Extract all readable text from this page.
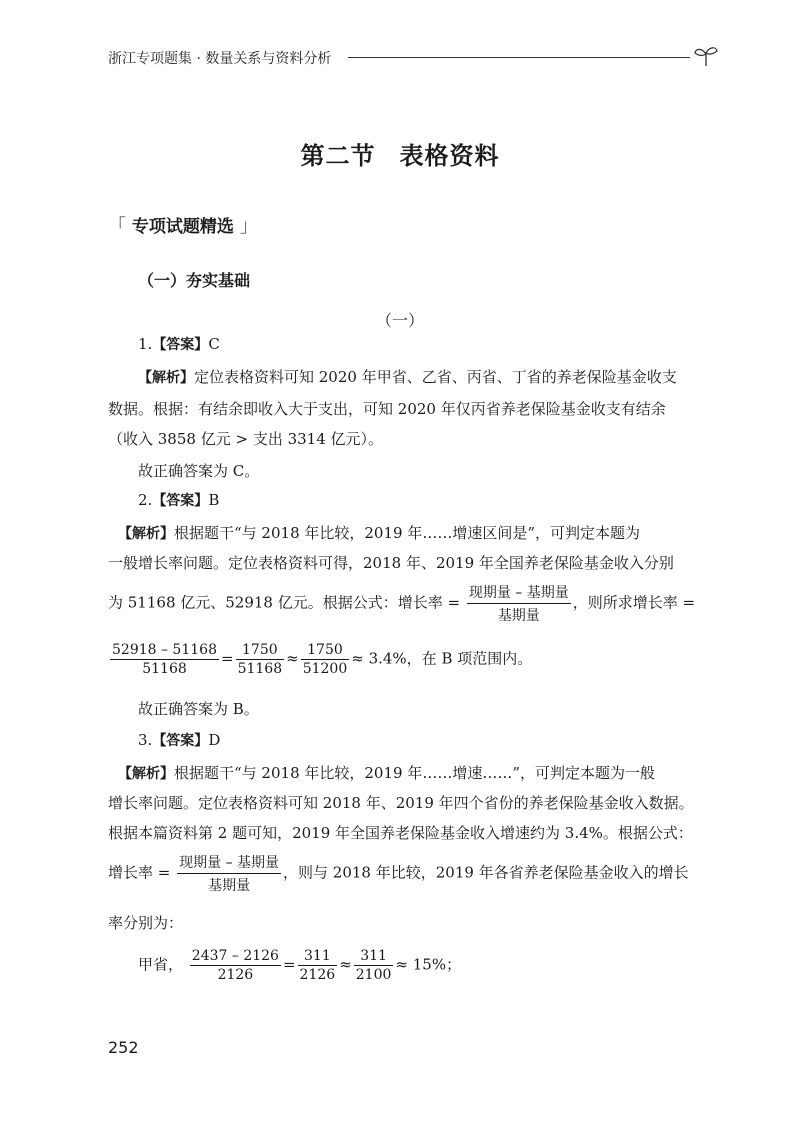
浙江专项题集 · 数量关系与资料分析
第二节 表格资料
「 专项试题精选 」
（一）夯实基础
（一）
1.【答案】C
【解析】定位表格资料可知 2020 年甲省、乙省、丙省、丁省的养老保险基金收支
数据。根据：有结余即收入大于支出，可知 2020 年仅丙省养老保险基金收支有结余
（收入 3858 亿元 > 支出 3314 亿元）。
故正确答案为 C。
2.【答案】B
【解析】根据题干“与 2018 年比较，2019 年……增速区间是”，可判定本题为
一般增长率问题。定位表格资料可得，2018 年、2019 年全国养老保险基金收入分别
为 51168 亿元、52918 亿元。根据公式：增长率 = $\frac{\text{现期量 – 基期量}}{\text{基期量}}$ ，则所求增长率 =
$\frac{52918 - 51168}{51168} = \frac{1750}{51168} \approx \frac{1750}{51200} \approx 3.4\%$，在 B 项范围内。
故正确答案为 B。
3.【答案】D
【解析】根据题干“与 2018 年比较，2019 年……增速……”，可判定本题为一般
增长率问题。定位表格资料可知 2018 年、2019 年四个省份的养老保险基金收入数据。
根据本篇资料第 2 题可知，2019 年全国养老保险基金收入增速约为 3.4%。根据公式：
增长率 = $\frac{\text{现期量 – 基期量}}{\text{基期量}}$ ，则与 2018 年比较，2019 年各省养老保险基金收入的增长
率分别为：
甲省， $\frac{2437 - 2126}{2126} = \frac{311}{2126} \approx \frac{311}{2100} \approx 15\%$；
252
